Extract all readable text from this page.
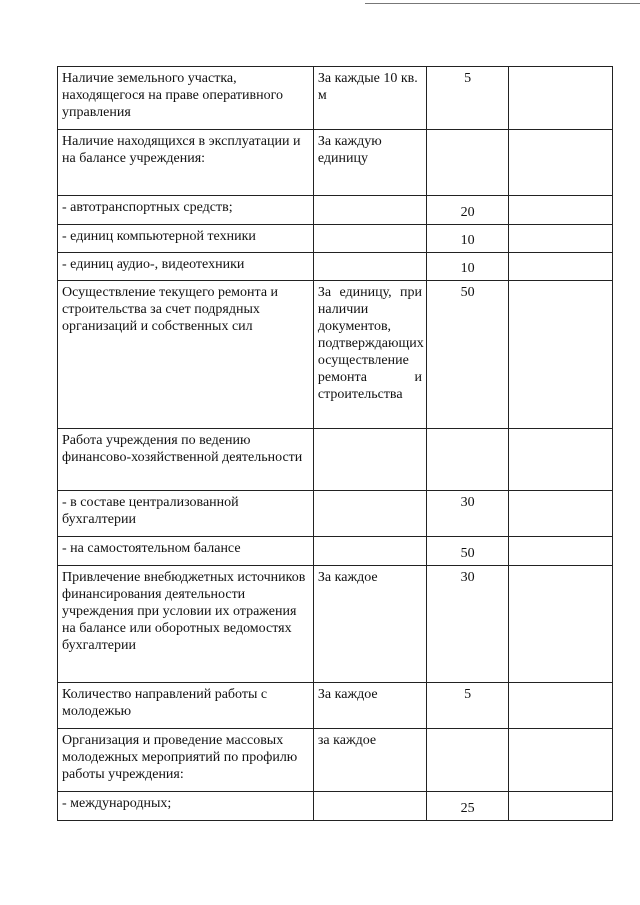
Наличие земельного участка, находящегося на праве оперативного управления	За каждые 10 кв. м	5	
Наличие находящихся в эксплуатации и на балансе учреждения:	За каждую единицу		
- автотранспортных средств;		20	
- единиц компьютерной техники		10	
- единиц аудио-, видеотехники		10	
Осуществление текущего ремонта и строительства за счет подрядных организаций и собственных сил	За единицу, при наличии документов, подтверждающих осуществление ремонта и строительства	50	
Работа учреждения по ведению финансово-хозяйственной деятельности			
- в составе централизованной бухгалтерии		30	
- на самостоятельном балансе		50	
Привлечение внебюджетных источников финансирования деятельности учреждения при условии их отражения на балансе или оборотных ведомостях бухгалтерии	За каждое	30	
Количество направлений работы с молодежью	За каждое	5	
Организация и проведение массовых молодежных мероприятий по профилю работы учреждения:	за каждое		
- международных;		25	
